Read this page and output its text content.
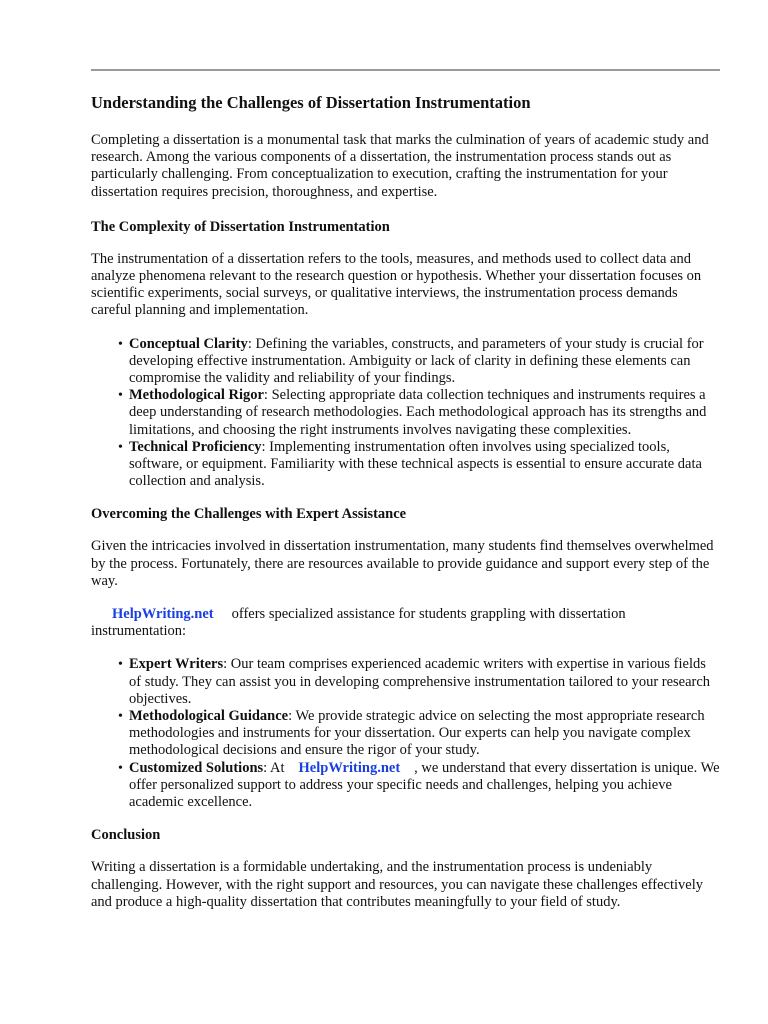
Understanding the Challenges of Dissertation Instrumentation

Completing a dissertation is a monumental task that marks the culmination of years of academic study and research. Among the various components of a dissertation, the instrumentation process stands out as particularly challenging. From conceptualization to execution, crafting the instrumentation for your dissertation requires precision, thoroughness, and expertise.

The Complexity of Dissertation Instrumentation

The instrumentation of a dissertation refers to the tools, measures, and methods used to collect data and analyze phenomena relevant to the research question or hypothesis. Whether your dissertation focuses on scientific experiments, social surveys, or qualitative interviews, the instrumentation process demands careful planning and implementation.

• Conceptual Clarity: Defining the variables, constructs, and parameters of your study is crucial for developing effective instrumentation. Ambiguity or lack of clarity in defining these elements can compromise the validity and reliability of your findings.
• Methodological Rigor: Selecting appropriate data collection techniques and instruments requires a deep understanding of research methodologies. Each methodological approach has its strengths and limitations, and choosing the right instruments involves navigating these complexities.
• Technical Proficiency: Implementing instrumentation often involves using specialized tools, software, or equipment. Familiarity with these technical aspects is essential to ensure accurate data collection and analysis.
Overcoming the Challenges with Expert Assistance

Given the intricacies involved in dissertation instrumentation, many students find themselves overwhelmed by the process. Fortunately, there are resources available to provide guidance and support every step of the way.

HelpWriting.net offers specialized assistance for students grappling with dissertation instrumentation:

• Expert Writers: Our team comprises experienced academic writers with expertise in various fields of study. They can assist you in developing comprehensive instrumentation tailored to your research objectives.
• Methodological Guidance: We provide strategic advice on selecting the most appropriate research methodologies and instruments for your dissertation. Our experts can help you navigate complex methodological decisions and ensure the rigor of your study.
• Customized Solutions: At HelpWriting.net , we understand that every dissertation is unique. We offer personalized support to address your specific needs and challenges, helping you achieve academic excellence.
Conclusion

Writing a dissertation is a formidable undertaking, and the instrumentation process is undeniably challenging. However, with the right support and resources, you can navigate these challenges effectively and produce a high-quality dissertation that contributes meaningfully to your field of study.
